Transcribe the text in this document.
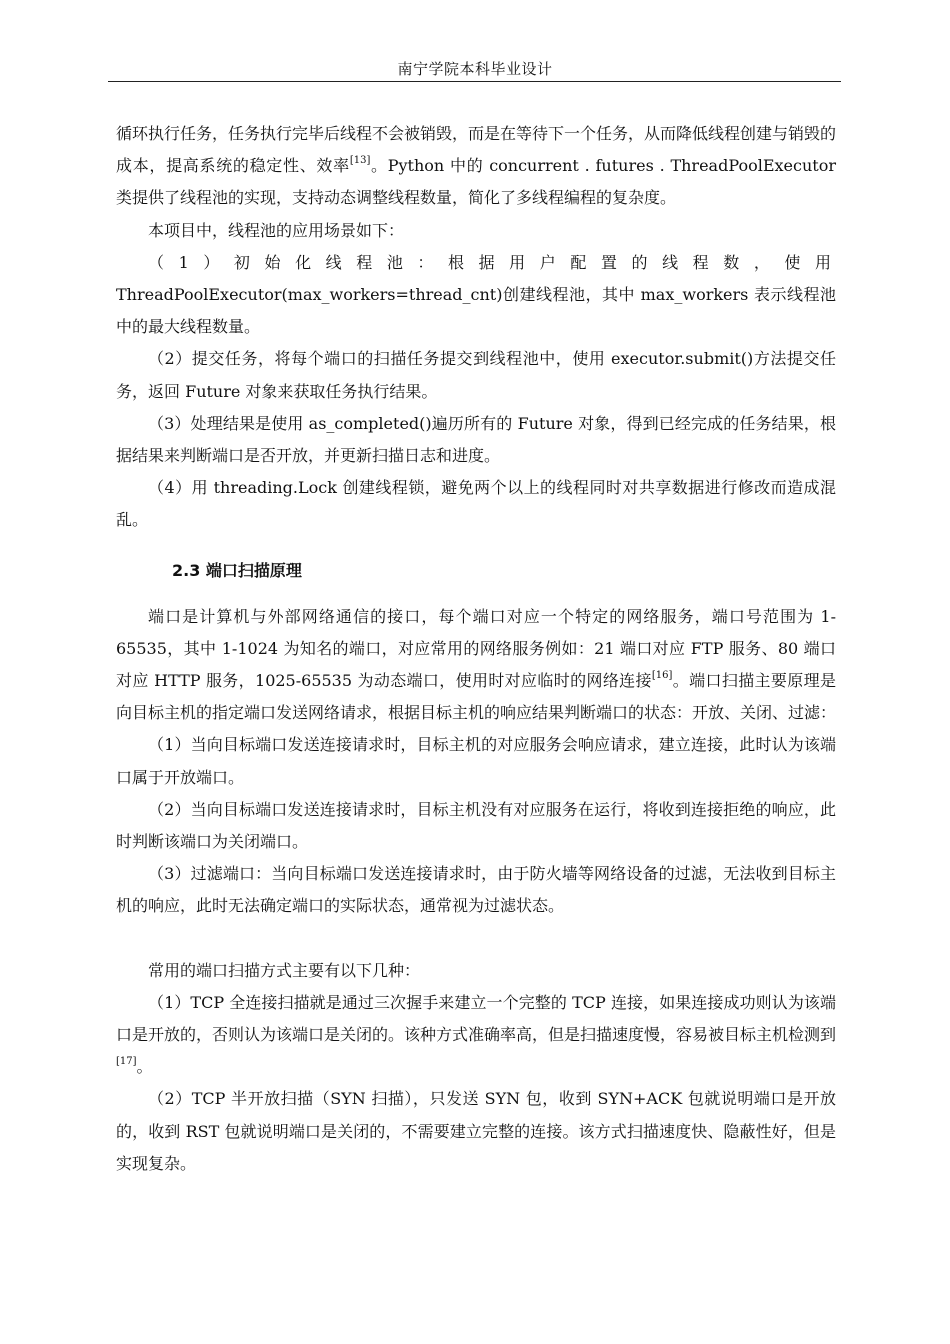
南宁学院本科毕业设计

循环执行任务，任务执行完毕后线程不会被销毁，而是在等待下一个任务，从而降低线程创建与销毁的成本，提高系统的稳定性、效率[13]。Python 中的 concurrent . futures . ThreadPoolExecutor 类提供了线程池的实现，支持动态调整线程数量，简化了多线程编程的复杂度。

本项目中，线程池的应用场景如下：

（1）初始化线程池：根据用户配置的线程数，使用

ThreadPoolExecutor(max_workers=thread_cnt)创建线程池，其中 max_workers 表示线程池中的最大线程数量。

（2）提交任务，将每个端口的扫描任务提交到线程池中，使用 executor.submit()方法提交任务，返回 Future 对象来获取任务执行结果。

（3）处理结果是使用 as_completed()遍历所有的 Future 对象，得到已经完成的任务结果，根据结果来判断端口是否开放，并更新扫描日志和进度。

（4）用 threading.Lock 创建线程锁，避免两个以上的线程同时对共享数据进行修改而造成混乱。

2.3 端口扫描原理

端口是计算机与外部网络通信的接口，每个端口对应一个特定的网络服务，端口号范围为 1-65535，其中 1-1024 为知名的端口，对应常用的网络服务例如：21 端口对应 FTP 服务、80 端口对应 HTTP 服务，1025-65535 为动态端口，使用时对应临时的网络连接[16]。端口扫描主要原理是向目标主机的指定端口发送网络请求，根据目标主机的响应结果判断端口的状态：开放、关闭、过滤：

（1）当向目标端口发送连接请求时，目标主机的对应服务会响应请求，建立连接，此时认为该端口属于开放端口。

（2）当向目标端口发送连接请求时，目标主机没有对应服务在运行，将收到连接拒绝的响应，此时判断该端口为关闭端口。

（3）过滤端口：当向目标端口发送连接请求时，由于防火墙等网络设备的过滤，无法收到目标主机的响应，此时无法确定端口的实际状态，通常视为过滤状态。

常用的端口扫描方式主要有以下几种：

（1）TCP 全连接扫描就是通过三次握手来建立一个完整的 TCP 连接，如果连接成功则认为该端口是开放的，否则认为该端口是关闭的。该种方式准确率高，但是扫描速度慢，容易被目标主机检测到[17]。

（2）TCP 半开放扫描（SYN 扫描），只发送 SYN 包，收到 SYN+ACK 包就说明端口是开放的，收到 RST 包就说明端口是关闭的，不需要建立完整的连接。该方式扫描速度快、隐蔽性好，但是实现复杂。
